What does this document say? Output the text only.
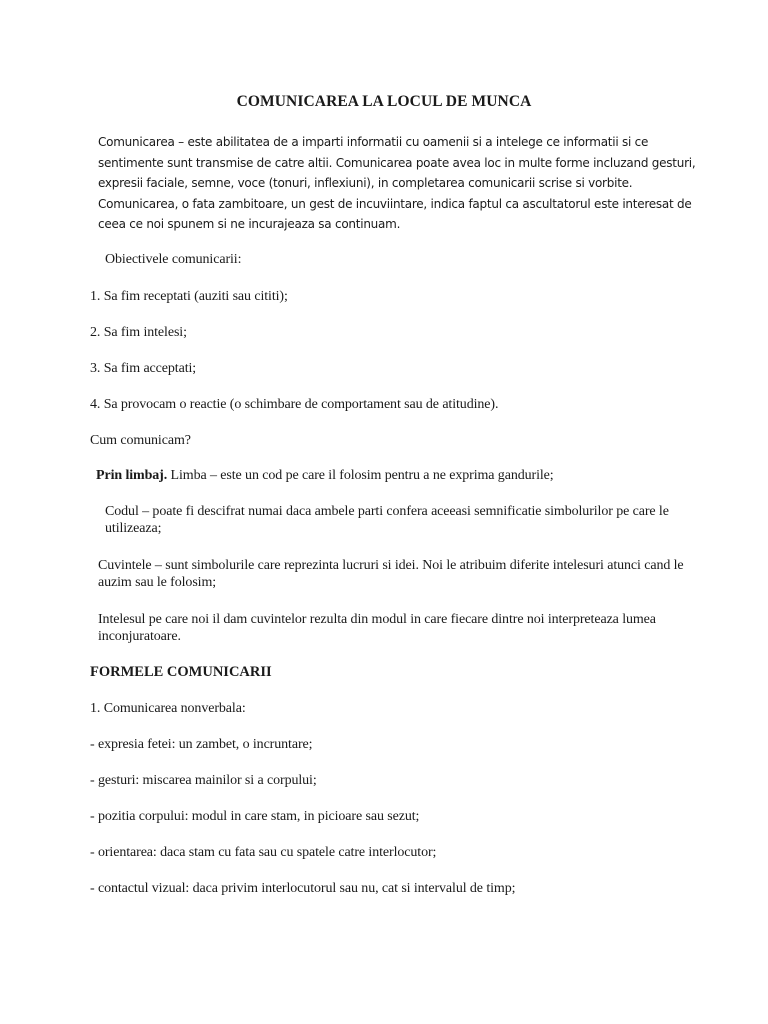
COMUNICAREA LA LOCUL DE MUNCA

Comunicarea – este abilitatea de a imparti informatii cu oamenii si a intelege ce informatii si ce sentimente sunt transmise de catre altii. Comunicarea poate avea loc in multe forme incluzand gesturi, expresii faciale, semne, voce (tonuri, inflexiuni), in completarea comunicarii scrise si vorbite. Comunicarea, o fata zambitoare, un gest de incuviintare, indica faptul ca ascultatorul este interesat de ceea ce noi spunem si ne incurajeaza sa continuam.

Obiectivele comunicarii:

1. Sa fim receptati (auziti sau cititi);

2. Sa fim intelesi;

3. Sa fim acceptati;

4. Sa provocam o reactie (o schimbare de comportament sau de atitudine).

Cum comunicam?

Prin limbaj. Limba – este un cod pe care il folosim pentru a ne exprima gandurile;

Codul – poate fi descifrat numai daca ambele parti confera aceeasi semnificatie simbolurilor pe care le utilizeaza;

Cuvintele – sunt simbolurile care reprezinta lucruri si idei. Noi le atribuim diferite intelesuri atunci cand le auzim sau le folosim;

Intelesul pe care noi il dam cuvintelor rezulta din modul in care fiecare dintre noi interpreteaza lumea inconjuratoare.

FORMELE COMUNICARII

1. Comunicarea nonverbala:

- expresia fetei: un zambet, o incruntare;

- gesturi: miscarea mainilor si a corpului;

- pozitia corpului: modul in care stam, in picioare sau sezut;

- orientarea: daca stam cu fata sau cu spatele catre interlocutor;

- contactul vizual: daca privim interlocutorul sau nu, cat si intervalul de timp;
